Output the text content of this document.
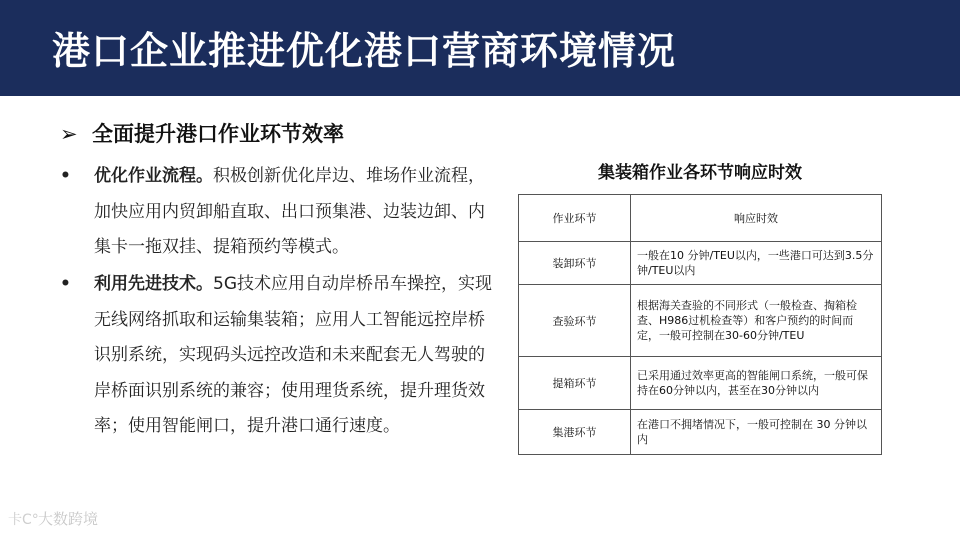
港口企业推进优化港口营商环境情况
➢ 全面提升港口作业环节效率
• 优化作业流程。积极创新优化岸边、堆场作业流程，加快应用内贸卸船直取、出口预集港、边装边卸、内集卡一拖双挂、提箱预约等模式。
• 利用先进技术。5G技术应用自动岸桥吊车操控，实现无线网络抓取和运输集装箱；应用人工智能远控岸桥识别系统，实现码头远控改造和未来配套无人驾驶的岸桥面识别系统的兼容；使用理货系统，提升理货效率；使用智能闸口，提升港口通行速度。
集装箱作业各环节响应时效
作业环节	响应时效
装卸环节	一般在10 分钟/TEU以内，一些港口可达到3.5分钟/TEU以内
查验环节	根据海关查验的不同形式（一般检查、掏箱检查、H986过机检查等）和客户预约的时间而定，一般可控制在30-60分钟/TEU
提箱环节	已采用通过效率更高的智能闸口系统，一般可保持在60分钟以内，甚至在30分钟以内
集港环节	在港口不拥堵情况下，一般可控制在 30 分钟以内
卡C°大数跨境
